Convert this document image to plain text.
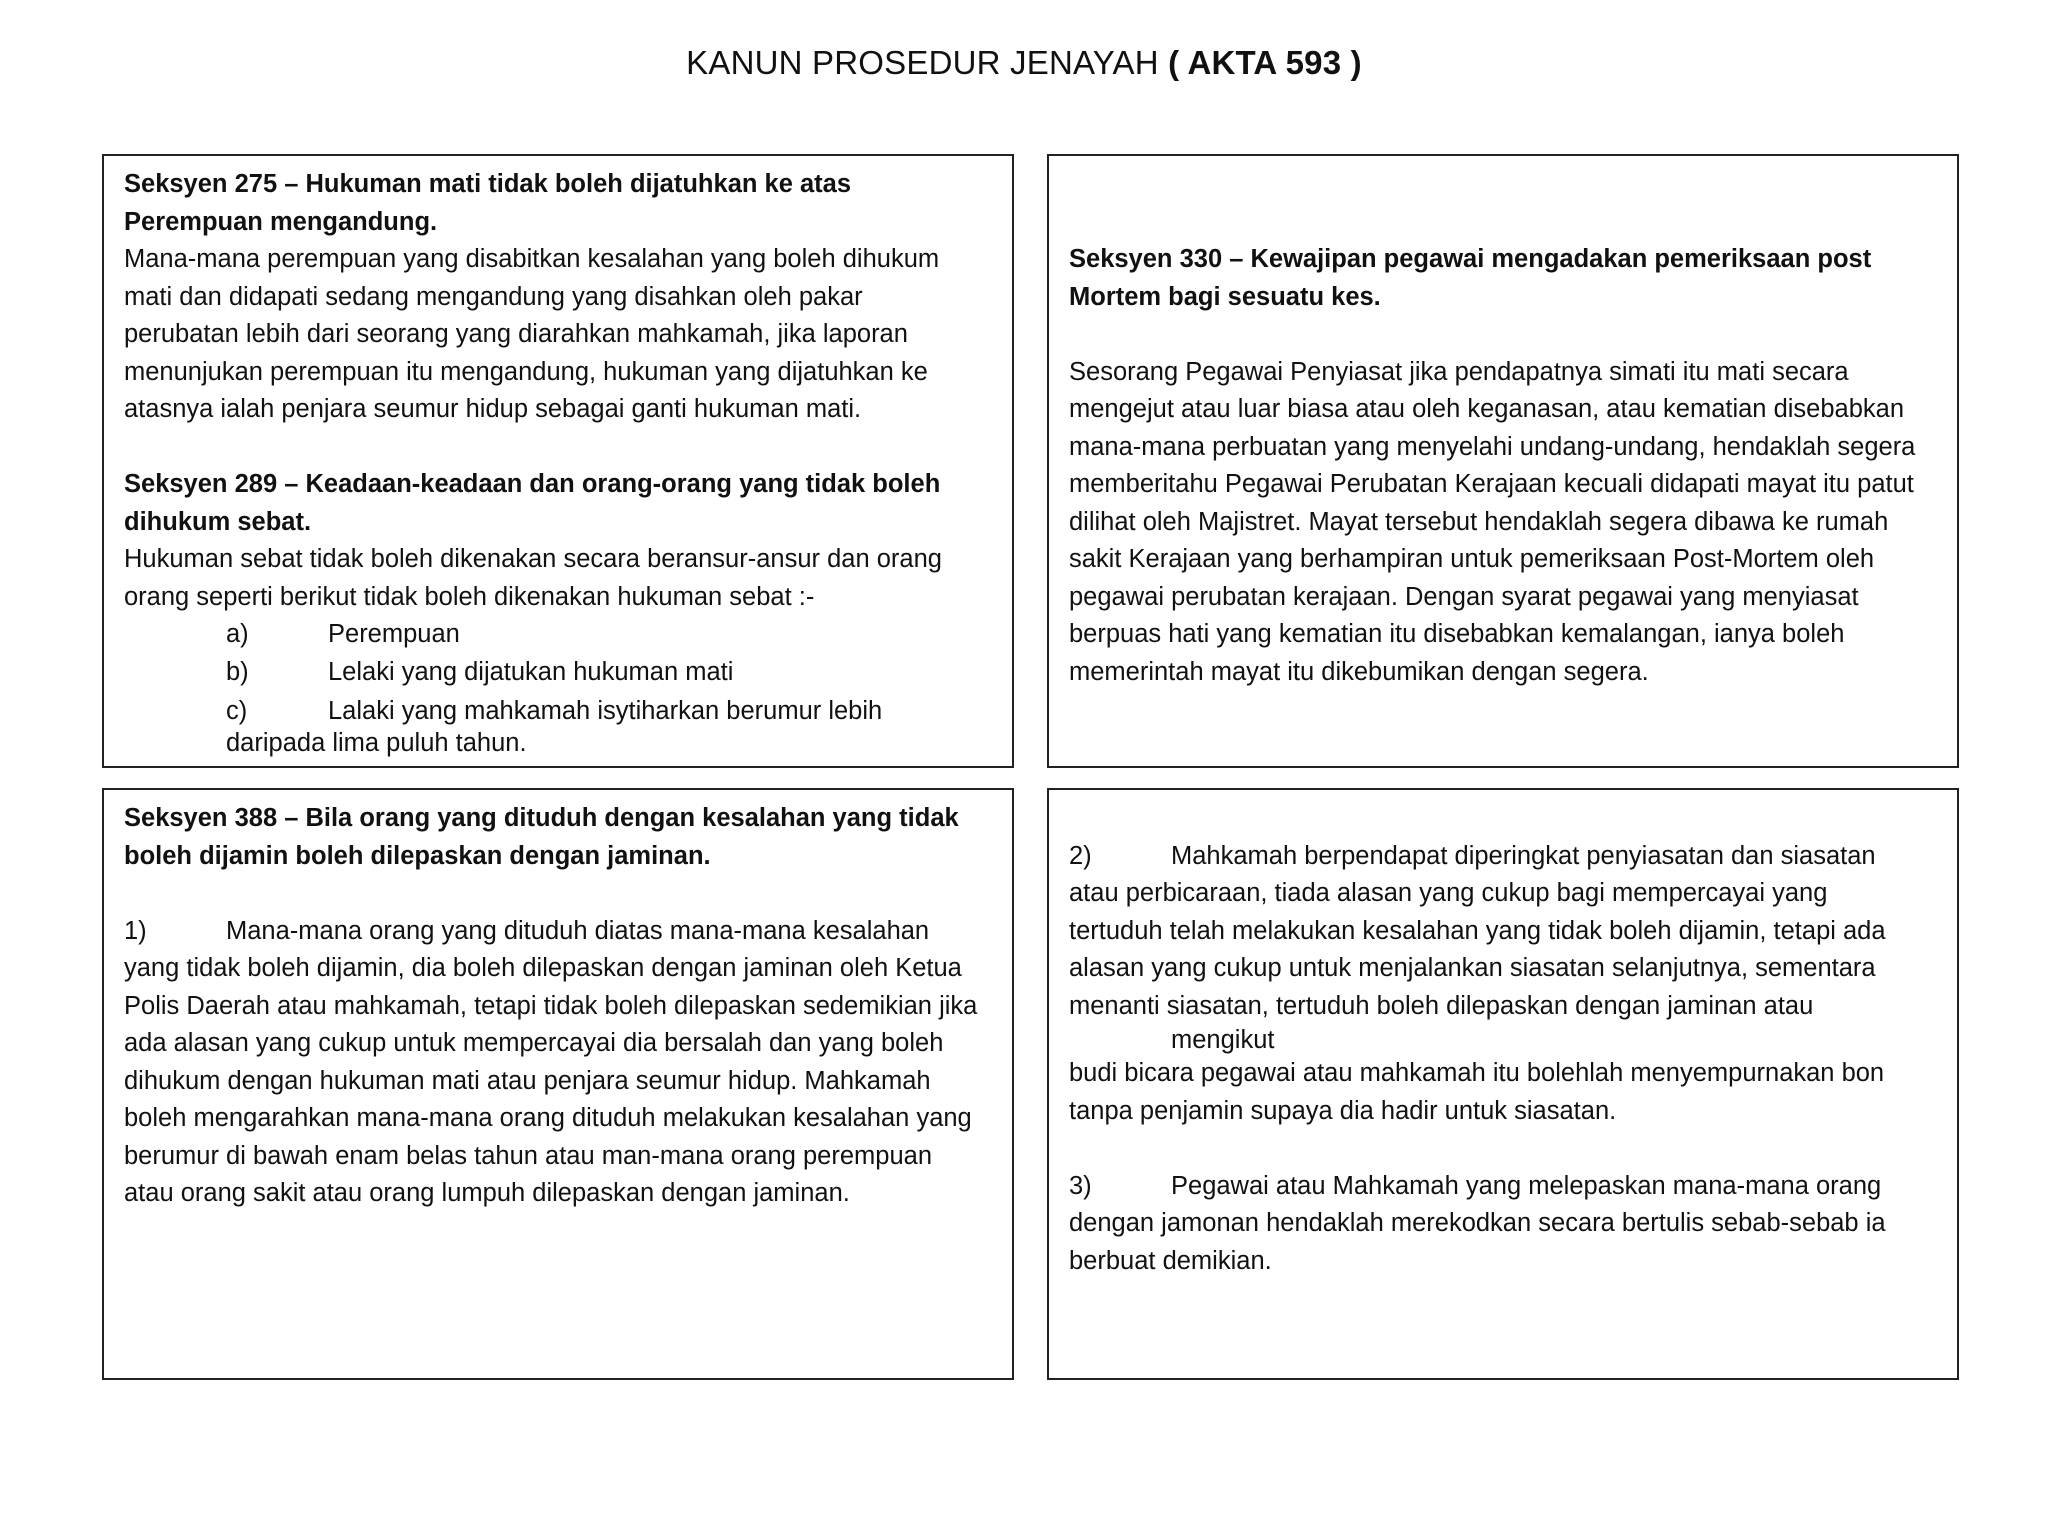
KANUN PROSEDUR JENAYAH ( AKTA 593 )

Seksyen 275 – Hukuman mati tidak boleh dijatuhkan ke atas
Perempuan mengandung.

Mana-mana perempuan yang disabitkan kesalahan yang boleh dihukum
mati dan didapati sedang mengandung yang disahkan oleh pakar
perubatan lebih dari seorang yang diarahkan mahkamah, jika laporan
menunjukan perempuan itu mengandung, hukuman yang dijatuhkan ke
atasnya ialah penjara seumur hidup sebagai ganti hukuman mati.

Seksyen 289 – Keadaan-keadaan dan orang-orang yang tidak boleh
dihukum sebat.

Hukuman sebat tidak boleh dikenakan secara beransur-ansur dan orang
orang seperti berikut tidak boleh dikenakan hukuman sebat :-

a)	Perempuan
b)	Lelaki yang dijatukan hukuman mati
c)	Lalaki yang mahkamah isytiharkan berumur lebih
daripada lima puluh tahun.

Seksyen 330 – Kewajipan pegawai mengadakan pemeriksaan post
Mortem bagi sesuatu kes.

Sesorang Pegawai Penyiasat jika pendapatnya simati itu mati secara
mengejut atau luar biasa atau oleh keganasan, atau kematian disebabkan
mana-mana perbuatan yang menyelahi undang-undang, hendaklah segera
memberitahu Pegawai Perubatan Kerajaan kecuali didapati mayat itu patut
dilihat oleh Majistret. Mayat tersebut hendaklah segera dibawa ke rumah
sakit Kerajaan yang berhampiran untuk pemeriksaan Post-Mortem oleh
pegawai perubatan kerajaan. Dengan syarat pegawai yang menyiasat
berpuas hati yang kematian itu disebabkan kemalangan, ianya boleh
memerintah mayat itu dikebumikan dengan segera.

Seksyen 388 – Bila orang yang dituduh dengan kesalahan yang tidak
boleh dijamin boleh dilepaskan dengan jaminan.

1)	Mana-mana orang yang dituduh diatas mana-mana kesalahan
yang tidak boleh dijamin, dia boleh dilepaskan dengan jaminan oleh Ketua
Polis Daerah atau mahkamah, tetapi tidak boleh dilepaskan sedemikian jika
ada alasan yang cukup untuk mempercayai dia bersalah dan yang boleh
dihukum dengan hukuman mati atau penjara seumur hidup. Mahkamah
boleh mengarahkan mana-mana orang dituduh melakukan kesalahan yang
berumur di bawah enam belas tahun atau man-mana orang perempuan
atau orang sakit atau orang lumpuh dilepaskan dengan jaminan.

2)	Mahkamah berpendapat diperingkat penyiasatan dan siasatan
atau perbicaraan, tiada alasan yang cukup bagi mempercayai yang
tertuduh telah melakukan kesalahan yang tidak boleh dijamin, tetapi ada
alasan yang cukup untuk menjalankan siasatan selanjutnya, sementara
menanti siasatan, tertuduh boleh dilepaskan dengan jaminan atau

mengikut

budi bicara pegawai atau mahkamah itu bolehlah menyempurnakan bon
tanpa penjamin supaya dia hadir untuk siasatan.

3)	Pegawai atau Mahkamah yang melepaskan mana-mana orang
dengan jamonan hendaklah merekodkan secara bertulis sebab-sebab ia
berbuat demikian.
